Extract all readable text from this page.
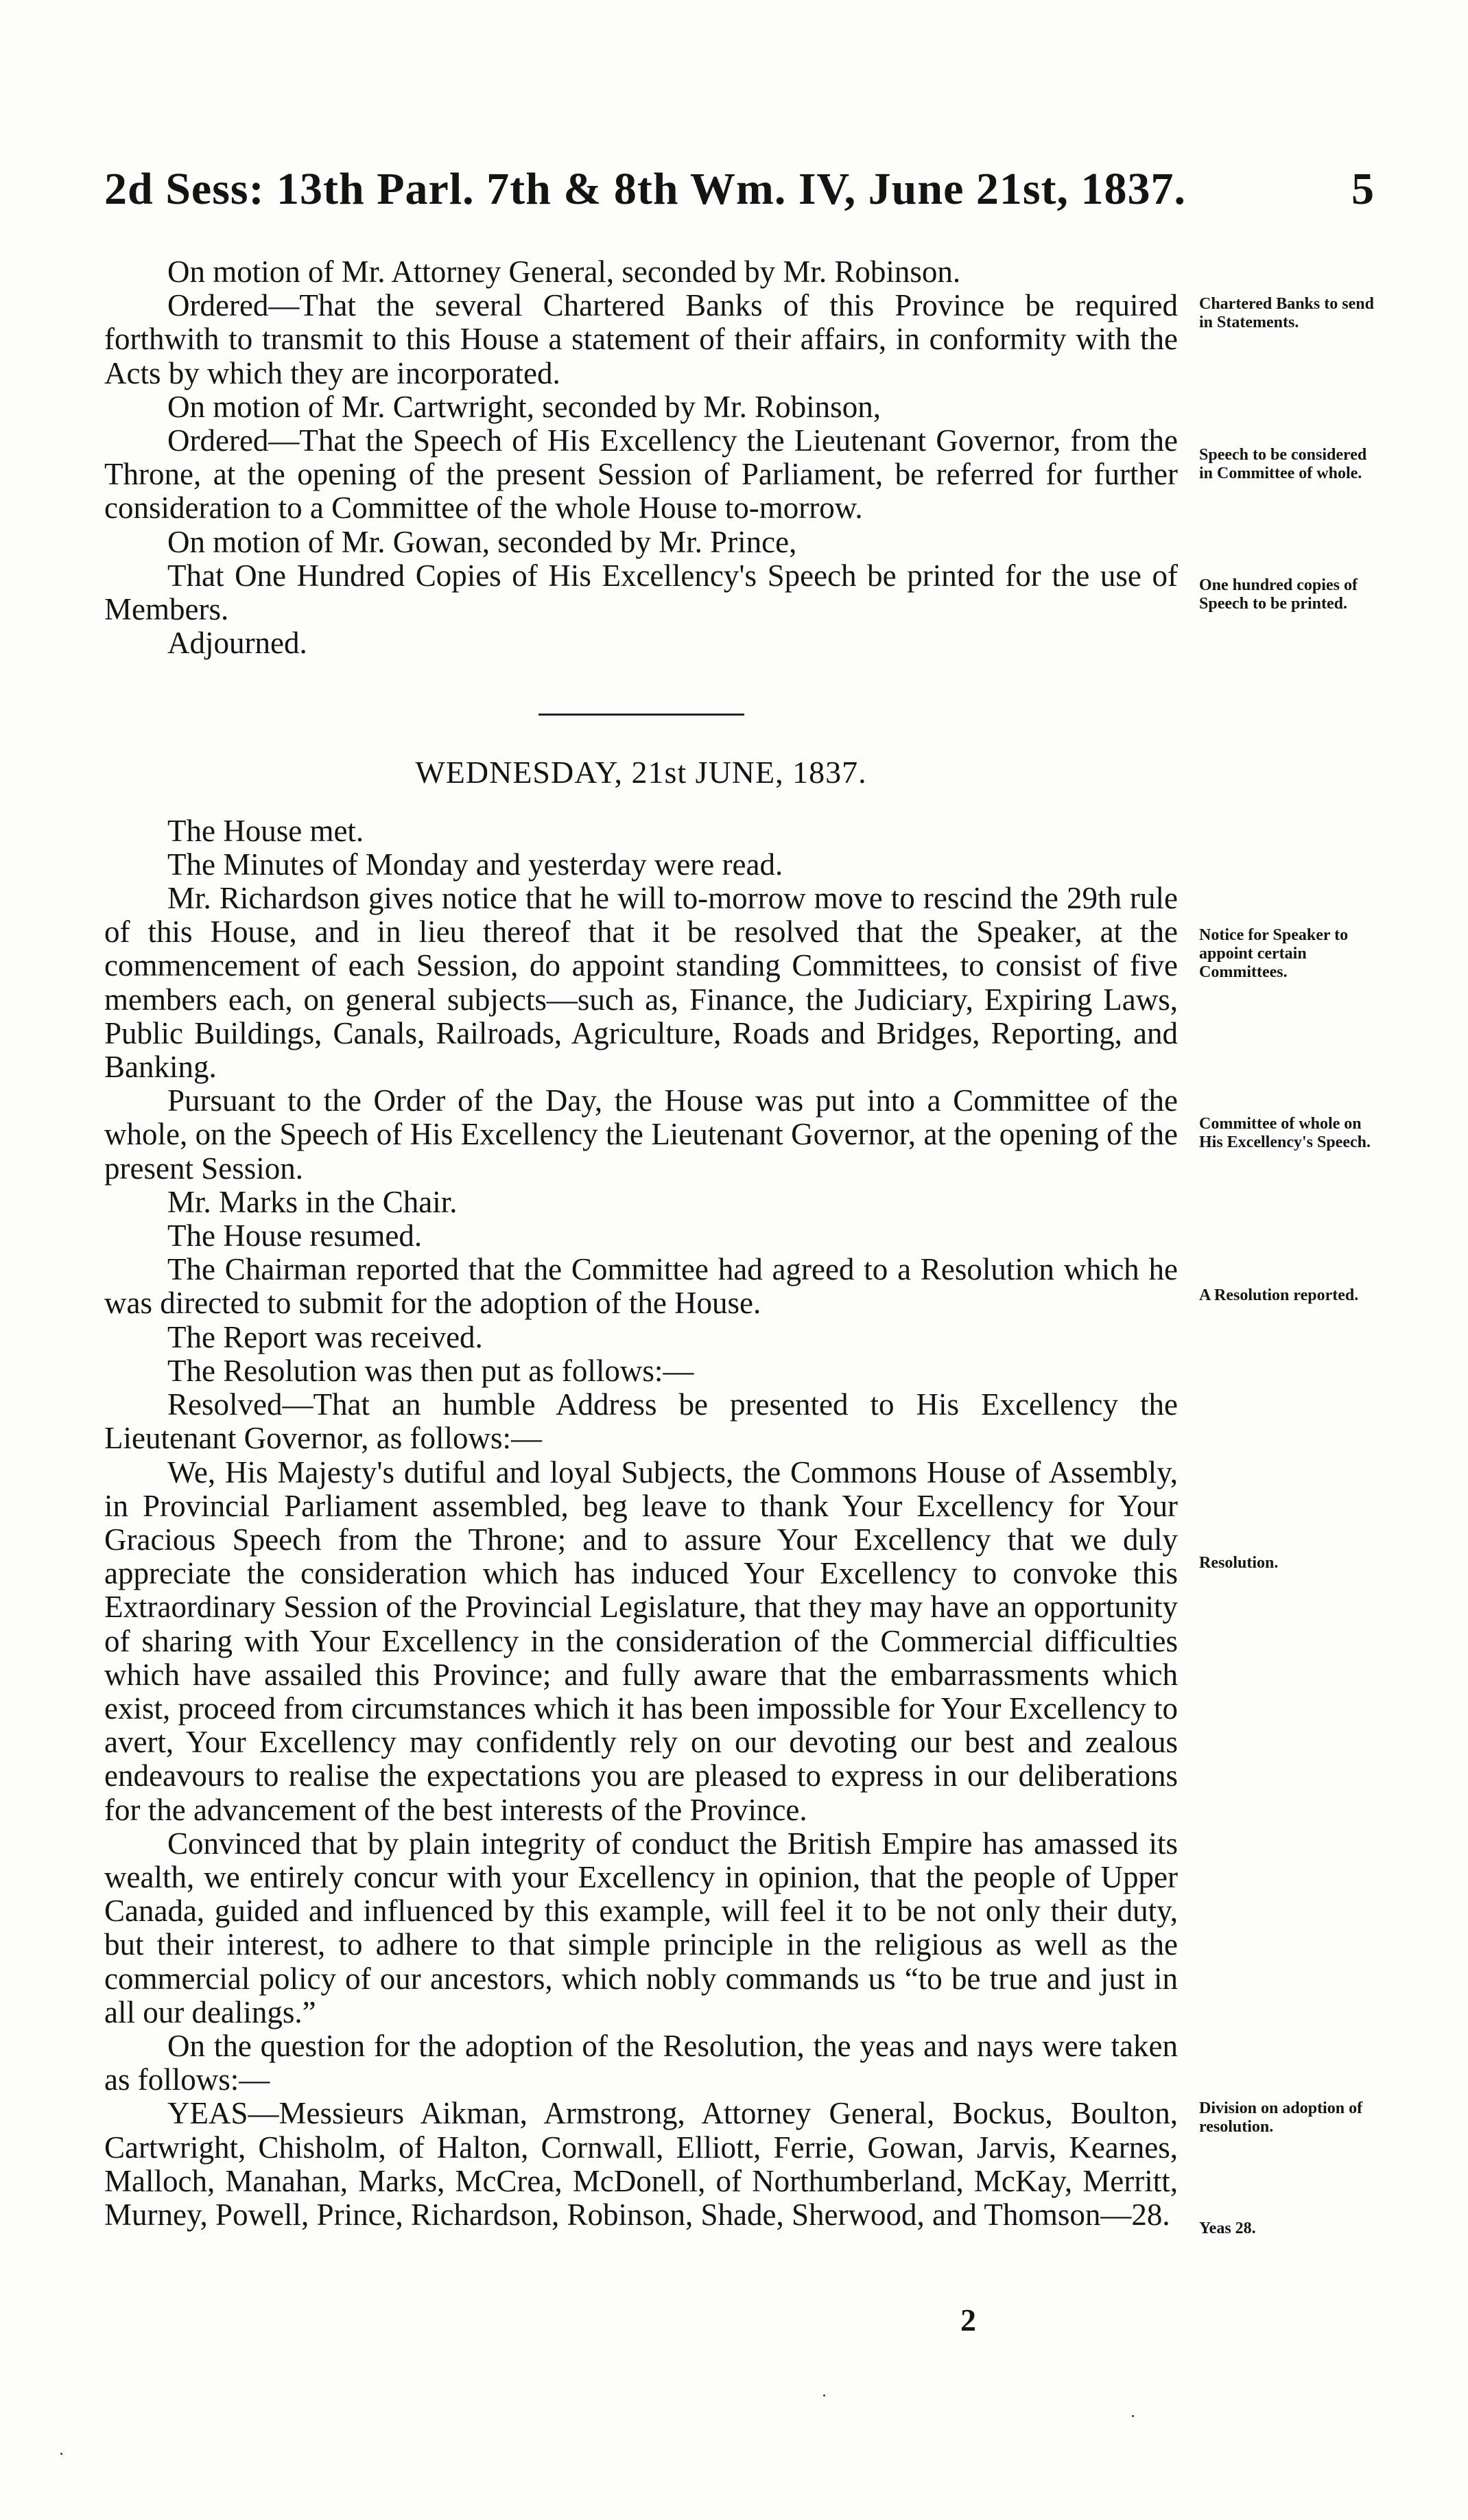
2d Sess: 13th Parl. 7th & 8th Wm. IV, June 21st, 1837.	5

On motion of Mr. Attorney General, seconded by Mr. Robinson.

Ordered—That the several Chartered Banks of this Province be required forthwith to transmit to this House a statement of their affairs, in conformity with the Acts by which they are incorporated.

On motion of Mr. Cartwright, seconded by Mr. Robinson,

Ordered—That the Speech of His Excellency the Lieutenant Governor, from the Throne, at the opening of the present Session of Parliament, be referred for further consideration to a Committee of the whole House to-morrow.

On motion of Mr. Gowan, seconded by Mr. Prince,

That One Hundred Copies of His Excellency's Speech be printed for the use of Members.

Adjourned.

WEDNESDAY, 21st JUNE, 1837.

The House met.

The Minutes of Monday and yesterday were read.

Mr. Richardson gives notice that he will to-morrow move to rescind the 29th rule of this House, and in lieu thereof that it be resolved that the Speaker, at the commencement of each Session, do appoint standing Committees, to consist of five members each, on general subjects—such as, Finance, the Judiciary, Expiring Laws, Public Buildings, Canals, Railroads, Agriculture, Roads and Bridges, Reporting, and Banking.

Pursuant to the Order of the Day, the House was put into a Committee of the whole, on the Speech of His Excellency the Lieutenant Governor, at the opening of the present Session.

Mr. Marks in the Chair.

The House resumed.

The Chairman reported that the Committee had agreed to a Resolution which he was directed to submit for the adoption of the House.

The Report was received.

The Resolution was then put as follows:—

Resolved—That an humble Address be presented to His Excellency the Lieutenant Governor, as follows:—

We, His Majesty's dutiful and loyal Subjects, the Commons House of Assembly, in Provincial Parliament assembled, beg leave to thank Your Excellency for Your Gracious Speech from the Throne; and to assure Your Excellency that we duly appreciate the consideration which has induced Your Excellency to convoke this Extraordinary Session of the Provincial Legislature, that they may have an opportunity of sharing with Your Excellency in the consideration of the Commercial difficulties which have assailed this Province; and fully aware that the embarrassments which exist, proceed from circumstances which it has been impossible for Your Excellency to avert, Your Excellency may confidently rely on our devoting our best and zealous endeavours to realise the expectations you are pleased to express in our deliberations for the advancement of the best interests of the Province.

Convinced that by plain integrity of conduct the British Empire has amassed its wealth, we entirely concur with your Excellency in opinion, that the people of Upper Canada, guided and influenced by this example, will feel it to be not only their duty, but their interest, to adhere to that simple principle in the religious as well as the commercial policy of our ancestors, which nobly commands us “to be true and just in all our dealings.”

On the question for the adoption of the Resolution, the yeas and nays were taken as follows:—

YEAS—Messieurs Aikman, Armstrong, Attorney General, Bockus, Boulton, Cartwright, Chisholm, of Halton, Cornwall, Elliott, Ferrie, Gowan, Jarvis, Kearnes, Malloch, Manahan, Marks, McCrea, McDonell, of Northumberland, McKay, Merritt, Murney, Powell, Prince, Richardson, Robinson, Shade, Sherwood, and Thomson—28.

Chartered Banks to send in Statements.
Speech to be considered in Committee of whole.
One hundred copies of Speech to be printed.
Notice for Speaker to appoint certain Committees.
Committee of whole on His Excellency's Speech.
A Resolution reported.
Resolution.
Division on adoption of resolution.
Yeas 28.
2
